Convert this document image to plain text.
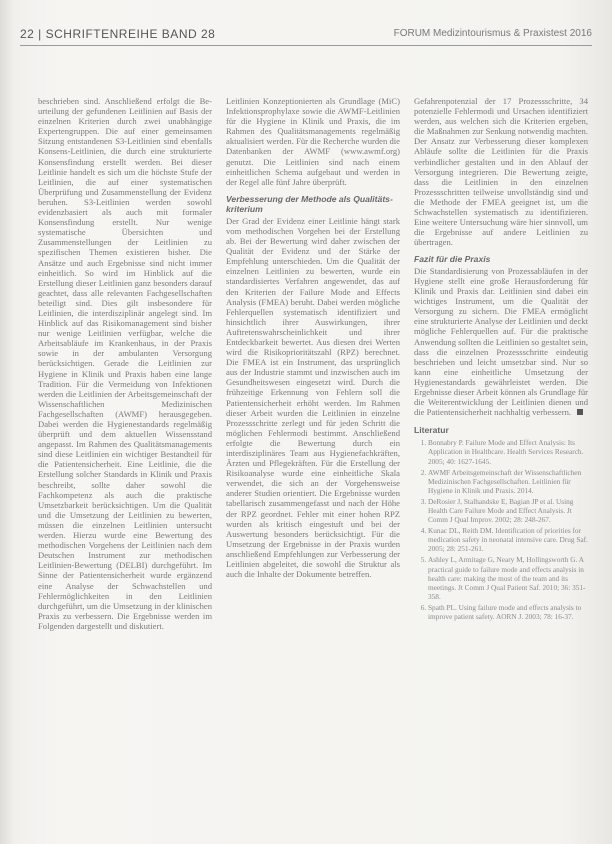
22 | SCHRIFTENREIHE BAND 28	FORUM Medizintourismus & Praxistest 2016

beschrieben sind. Anschließend erfolgt die Be-urteilung der gefundenen Leitlinien auf Basis der einzelnen Kriterien durch zwei unabhängige Expertengruppen. Die auf einer gemeinsamen Sitzung entstandenen S3-Leitlinien sind ebenfalls Konsens-Leitlinien, die durch eine strukturierte Konsensfindung erstellt werden. Bei dieser Leitlinie handelt es sich um die höchste Stufe der Leitlinien, die auf einer systematischen Überprüfung und Zusammenstellung der Evidenz beruhen. S3-Leitlinien werden sowohl evidenzbasiert als auch mit formaler Konsensfindung erstellt. Nur wenige systematische Übersichten und Zusammenstellungen der Leitlinien zu spezifischen Themen existieren bisher. Die Ansätze und auch Ergebnisse sind nicht immer einheitlich. So wird im Hinblick auf die Erstellung dieser Leitlinien ganz besonders darauf geachtet, dass alle relevanten Fachgesellschaften beteiligt sind. Dies gilt insbesondere für Leitlinien, die interdisziplinär angelegt sind. Im Hinblick auf das Risikomanagement sind bisher nur wenige Leitlinien verfügbar, welche die Arbeitsabläufe im Krankenhaus, in der Praxis sowie in der ambulanten Versorgung berücksichtigen. Gerade die Leitlinien zur Hygiene in Klinik und Praxis haben eine lange Tradition. Für die Vermeidung von Infektionen werden die Leitlinien der Arbeitsgemeinschaft der Wissenschaftlichen Medizinischen Fachgesellschaften (AWMF) herausgegeben. Dabei werden die Hygienestandards regelmäßig überprüft und dem aktuellen Wissensstand angepasst. Im Rahmen des Qualitätsmanagements sind diese Leitlinien ein wichtiger Bestandteil für die Patientensicherheit. Eine Leitlinie, die die Erstellung solcher Standards in Klinik und Praxis beschreibt, sollte daher sowohl die Fachkompetenz als auch die praktische Umsetzbarkeit berücksichtigen. Um die Qualität und die Umsetzung der Leitlinien zu bewerten, müssen die einzelnen Leitlinien untersucht werden. Hierzu wurde eine Bewertung des methodischen Vorgehens der Leitlinien nach dem Deutschen Instrument zur methodischen Leitlinien-Bewertung (DELBI) durchgeführt. Im Sinne der Patientensicherheit wurde ergänzend eine Analyse der Schwachstellen und Fehlermöglichkeiten in den Leitlinien durchgeführt, um die Umsetzung in der klinischen Praxis zu verbessern. Die Ergebnisse werden im Folgenden dargestellt und diskutiert.

Leitlinien Konzeptionierten als Grundlage (MiC) Infektionsprophylaxe sowie die AWMF-Leitlinien für die Hygiene in Klinik und Praxis, die im Rahmen des Qualitätsmanagements regelmäßig aktualisiert werden. Für die Recherche wurden die Datenbanken der AWMF (www.awmf.org) genutzt. Die Leitlinien sind nach einem einheitlichen Schema aufgebaut und werden in der Regel alle fünf Jahre überprüft.

Verbesserung der Methode als Qualitäts-kriterium

Der Grad der Evidenz einer Leitlinie hängt stark vom methodischen Vorgehen bei der Erstellung ab. Bei der Bewertung wird daher zwischen der Qualität der Evidenz und der Stärke der Empfehlung unterschieden. Um die Qualität der einzelnen Leitlinien zu bewerten, wurde ein standardisiertes Verfahren angewendet, das auf den Kriterien der Failure Mode and Effects Analysis (FMEA) beruht. Dabei werden mögliche Fehlerquellen systematisch identifiziert und hinsichtlich ihrer Auswirkungen, ihrer Auftretenswahrscheinlichkeit und ihrer Entdeckbarkeit bewertet. Aus diesen drei Werten wird die Risikoprioritätszahl (RPZ) berechnet. Die FMEA ist ein Instrument, das ursprünglich aus der Industrie stammt und inzwischen auch im Gesundheitswesen eingesetzt wird. Durch die frühzeitige Erkennung von Fehlern soll die Patientensicherheit erhöht werden. Im Rahmen dieser Arbeit wurden die Leitlinien in einzelne Prozessschritte zerlegt und für jeden Schritt die möglichen Fehlermodi bestimmt. Anschließend erfolgte die Bewertung durch ein interdisziplinäres Team aus Hygienefachkräften, Ärzten und Pflegekräften. Für die Erstellung der Risikoanalyse wurde eine einheitliche Skala verwendet, die sich an der Vorgehensweise anderer Studien orientiert. Die Ergebnisse wurden tabellarisch zusammengefasst und nach der Höhe der RPZ geordnet. Fehler mit einer hohen RPZ wurden als kritisch eingestuft und bei der Auswertung besonders berücksichtigt. Für die Umsetzung der Ergebnisse in der Praxis wurden anschließend Empfehlungen zur Verbesserung der Leitlinien abgeleitet, die sowohl die Struktur als auch die Inhalte der Dokumente betreffen.

Gefahrenpotenzial der 17 Prozessschritte, 34 potenzielle Fehlermodi und Ursachen identifiziert werden, aus welchen sich die Kriterien ergeben, die Maßnahmen zur Senkung notwendig machten. Der Ansatz zur Verbesserung dieser komplexen Abläufe sollte die Leitlinien für die Praxis verbindlicher gestalten und in den Ablauf der Versorgung integrieren. Die Bewertung zeigte, dass die Leitlinien in den einzelnen Prozessschritten teilweise unvollständig sind und die Methode der FMEA geeignet ist, um die Schwachstellen systematisch zu identifizieren. Eine weitere Untersuchung wäre hier sinnvoll, um die Ergebnisse auf andere Leitlinien zu übertragen.

Fazit für die Praxis

Die Standardisierung von Prozessabläufen in der Hygiene stellt eine große Herausforderung für Klinik und Praxis dar. Leitlinien sind dabei ein wichtiges Instrument, um die Qualität der Versorgung zu sichern. Die FMEA ermöglicht eine strukturierte Analyse der Leitlinien und deckt mögliche Fehlerquellen auf. Für die praktische Anwendung sollten die Leitlinien so gestaltet sein, dass die einzelnen Prozessschritte eindeutig beschrieben und leicht umsetzbar sind. Nur so kann eine einheitliche Umsetzung der Hygienestandards gewährleistet werden. Die Ergebnisse dieser Arbeit können als Grundlage für die Weiterentwicklung der Leitlinien dienen und die Patientensicherheit nachhaltig verbessern.

Literatur
1. Bonnabry P. Failure Mode and Effect Analysis: Its Application in Healthcare. Health Services Research. 2005; 40: 1627-1645.
2. AWMF Arbeitsgemeinschaft der Wissenschaftlichen Medizinischen Fachgesellschaften. Leitlinien für Hygiene in Klinik und Praxis. 2014.
3. DeRosier J, Stalhandske E, Bagian JP et al. Using Health Care Failure Mode and Effect Analysis. Jt Comm J Qual Improv. 2002; 28: 248-267.
4. Kunac DL, Reith DM. Identification of priorities for medication safety in neonatal intensive care. Drug Saf. 2005; 28: 251-261.
5. Ashley L, Armitage G, Neary M, Hollingsworth G. A practical guide to failure mode and effects analysis in health care: making the most of the team and its meetings. Jt Comm J Qual Patient Saf. 2010; 36: 351-358.
6. Spath PL. Using failure mode and effects analysis to improve patient safety. AORN J. 2003; 78: 16-37.
